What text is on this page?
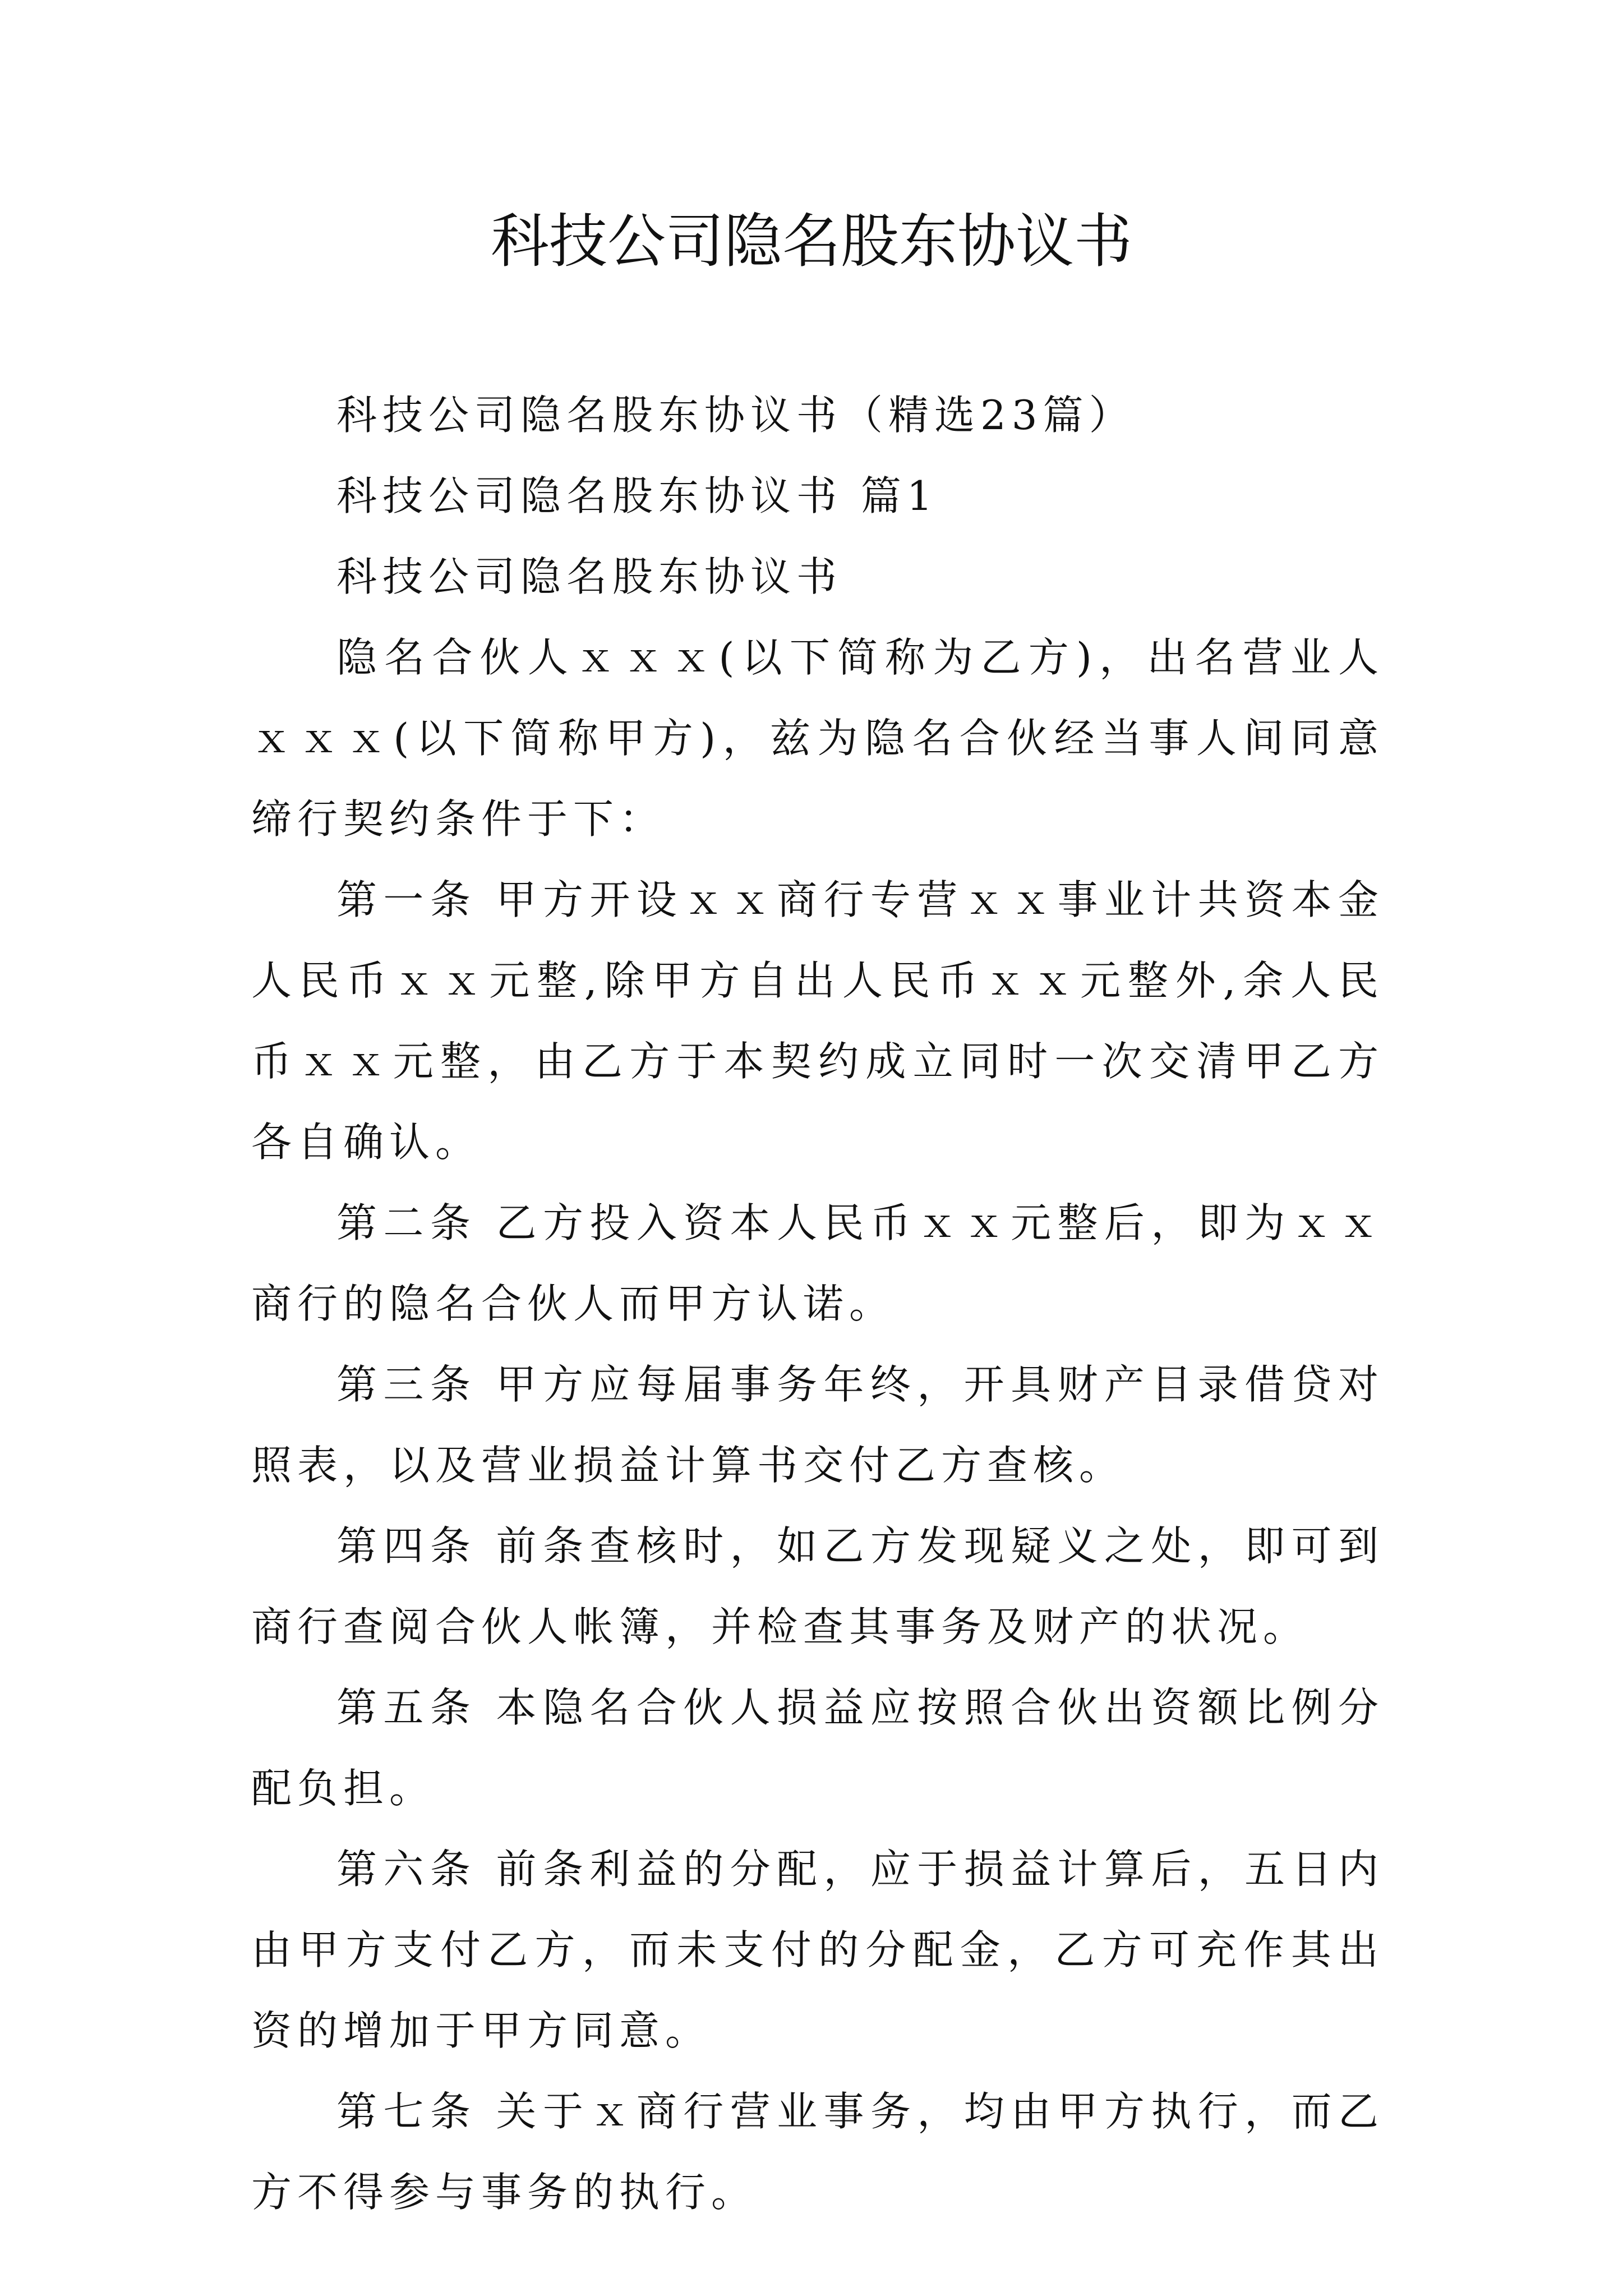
科技公司隐名股东协议书

科技公司隐名股东协议书（精选23篇）

科技公司隐名股东协议书 篇1

科技公司隐名股东协议书

隐名合伙人ｘｘｘ(以下简称为乙方)，出名营业人ｘｘｘ(以下简称甲方)，兹为隐名合伙经当事人间同意缔行契约条件于下：

第一条 甲方开设ｘｘ商行专营ｘｘ事业计共资本金人民币ｘｘ元整,除甲方自出人民币ｘｘ元整外,余人民币ｘｘ元整，由乙方于本契约成立同时一次交清甲乙方各自确认。

第二条 乙方投入资本人民币ｘｘ元整后，即为ｘｘ商行的隐名合伙人而甲方认诺。

第三条 甲方应每届事务年终，开具财产目录借贷对照表，以及营业损益计算书交付乙方查核。

第四条 前条查核时，如乙方发现疑义之处，即可到商行查阅合伙人帐簿，并检查其事务及财产的状况。

第五条 本隐名合伙人损益应按照合伙出资额比例分配负担。

第六条 前条利益的分配，应于损益计算后，五日内由甲方支付乙方，而未支付的分配金，乙方可充作其出资的增加于甲方同意。

第七条 关于ｘ商行营业事务，均由甲方执行，而乙方不得参与事务的执行。
